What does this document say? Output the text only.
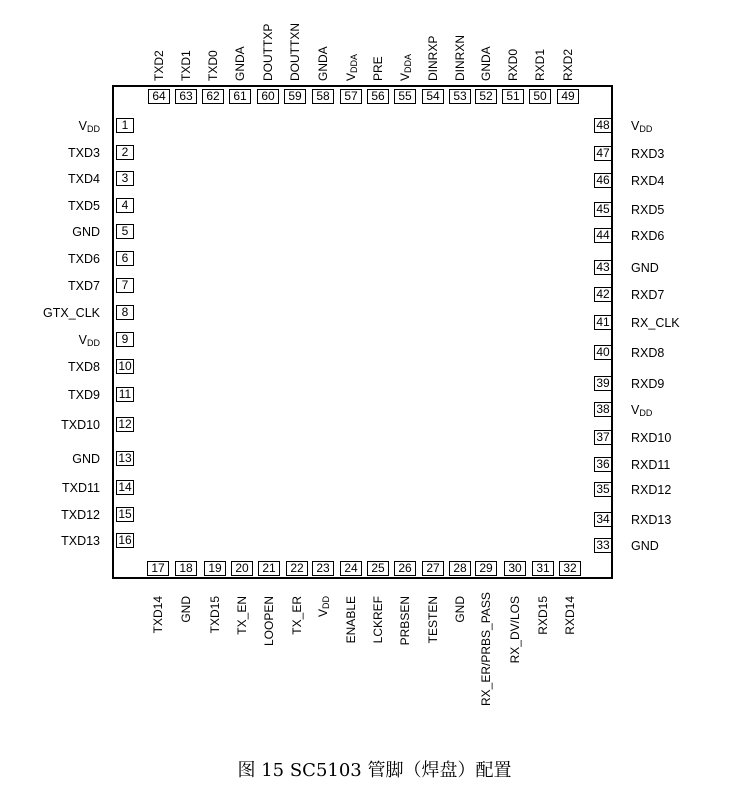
1
$V_{DD}$
2
TXD3
3
TXD4
4
TXD5
5
GND
6
TXD6
7
TXD7
8
GTX_CLK
9
$V_{DD}$
10
TXD8
11
TXD9
12
TXD10
13
GND
14
TXD11
15
TXD12
16
TXD13	33 GND
34 RXD13
35 RXD12
36 RXD11
37 RXD10
38 $V_{DD}$
39 RXD9
40 RXD8
41 RX_CLK
42 RXD7
43 GND
44 RXD6
45 RXD5
46 RXD4
47 RXD3
48 $V_{DD}$
17
TXD14
18
GND
19
TXD15
20
TX_EN
21
LOOPEN
22
TX_ER
23
$V_{DD}$
24
ENABLE
25
LCKREF
26
PRBSEN
27
TESTEN
28
GND
29
RX_ER/PRBS_PASS
30
RX_DV/LOS
31
RXD15
32
RXD14
64
TXD2
63
TXD1
62
TXD0
61
GNDA
60
DOUTTXP
59
DOUTTXN
58
GNDA
57
$V_{DDA}$
56
PRE
55
$V_{DDA}$
54
DINRXP
53
DINRXN
52
GNDA
51
RXD0
50
RXD1
49
RXD2
图 15 SC5103 管脚（焊盘）配置
